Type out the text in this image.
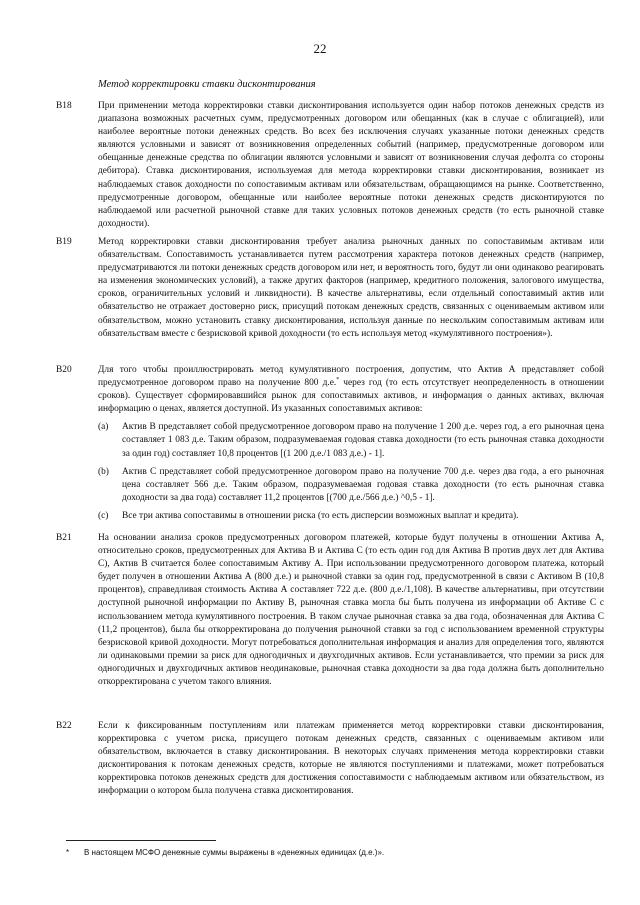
22
Метод корректировки ставки дисконтирования
B18	При применении метода корректировки ставки дисконтирования используется один набор потоков денежных средств из диапазона возможных расчетных сумм, предусмотренных договором или обещанных (как в случае с облигацией), или наиболее вероятные потоки денежных средств. Во всех без исключения случаях указанные потоки денежных средств являются условными и зависят от возникновения определенных событий (например, предусмотренные договором или обещанные денежные средства по облигации являются условными и зависят от возникновения случая дефолта со стороны дебитора). Ставка дисконтирования, используемая для метода корректировки ставки дисконтирования, возникает из наблюдаемых ставок доходности по сопоставимым активам или обязательствам, обращающимся на рынке. Соответственно, предусмотренные договором, обещанные или наиболее вероятные потоки денежных средств дисконтируются по наблюдаемой или расчетной рыночной ставке для таких условных потоков денежных средств (то есть рыночной ставке доходности).
B19	Метод корректировки ставки дисконтирования требует анализа рыночных данных по сопоставимым активам или обязательствам. Сопоставимость устанавливается путем рассмотрения характера потоков денежных средств (например, предусматриваются ли потоки денежных средств договором или нет, и вероятность того, будут ли они одинаково реагировать на изменения экономических условий), а также других факторов (например, кредитного положения, залогового имущества, сроков, ограничительных условий и ликвидности). В качестве альтернативы, если отдельный сопоставимый актив или обязательство не отражает достоверно риск, присущий потокам денежных средств, связанных с оцениваемым активом или обязательством, можно установить ставку дисконтирования, используя данные по нескольким сопоставимым активам или обязательствам вместе с безрисковой кривой доходности (то есть используя метод «кумулятивного построения»).
B20	Для того чтобы проиллюстрировать метод кумулятивного построения, допустим, что Актив А представляет собой предусмотренное договором право на получение 800 д.е.* через год (то есть отсутствует неопределенность в отношении сроков). Существует сформировавшийся рынок для сопоставимых активов, и информация о данных активах, включая информацию о ценах, является доступной. Из указанных сопоставимых активов:
(a)	Актив В представляет собой предусмотренное договором право на получение 1 200 д.е. через год, а его рыночная цена составляет 1 083 д.е. Таким образом, подразумеваемая годовая ставка доходности (то есть рыночная ставка доходности за один год) составляет 10,8 процентов [(1 200 д.е./1 083 д.е.) - 1].
(b)	Актив С представляет собой предусмотренное договором право на получение 700 д.е. через два года, а его рыночная цена составляет 566 д.е. Таким образом, подразумеваемая годовая ставка доходности (то есть рыночная ставка доходности за два года) составляет 11,2 процентов [(700 д.е./566 д.е.) ^0,5 - 1].
(c)	Все три актива сопоставимы в отношении риска (то есть дисперсии возможных выплат и кредита).
B21	На основании анализа сроков предусмотренных договором платежей, которые будут получены в отношении Актива А, относительно сроков, предусмотренных для Актива В и Актива С (то есть один год для Актива В против двух лет для Актива С), Актив В считается более сопоставимым Активу А. При использовании предусмотренного договором платежа, который будет получен в отношении Актива А (800 д.е.) и рыночной ставки за один год, предусмотренной в связи с Активом В (10,8 процентов), справедливая стоимость Актива А составляет 722 д.е. (800 д.е./1,108). В качестве альтернативы, при отсутствии доступной рыночной информации по Активу В, рыночная ставка могла бы быть получена из информации об Активе С с использованием метода кумулятивного построения. В таком случае рыночная ставка за два года, обозначенная для Актива С (11,2 процентов), была бы откорректирована до получения рыночной ставки за год с использованием временной структуры безрисковой кривой доходности. Могут потребоваться дополнительная информация и анализ для определения того, являются ли одинаковыми премии за риск для одногодичных и двухгодичных активов. Если устанавливается, что премии за риск для одногодичных и двухгодичных активов неодинаковые, рыночная ставка доходности за два года должна быть дополнительно откорректирована с учетом такого влияния.
B22	Если к фиксированным поступлениям или платежам применяется метод корректировки ставки дисконтирования, корректировка с учетом риска, присущего потокам денежных средств, связанных с оцениваемым активом или обязательством, включается в ставку дисконтирования. В некоторых случаях применения метода корректировки ставки дисконтирования к потокам денежных средств, которые не являются поступлениями и платежами, может потребоваться корректировка потоков денежных средств для достижения сопоставимости с наблюдаемым активом или обязательством, из информации о котором была получена ставка дисконтирования.
*	В настоящем МСФО денежные суммы выражены в «денежных единицах (д.е.)».
